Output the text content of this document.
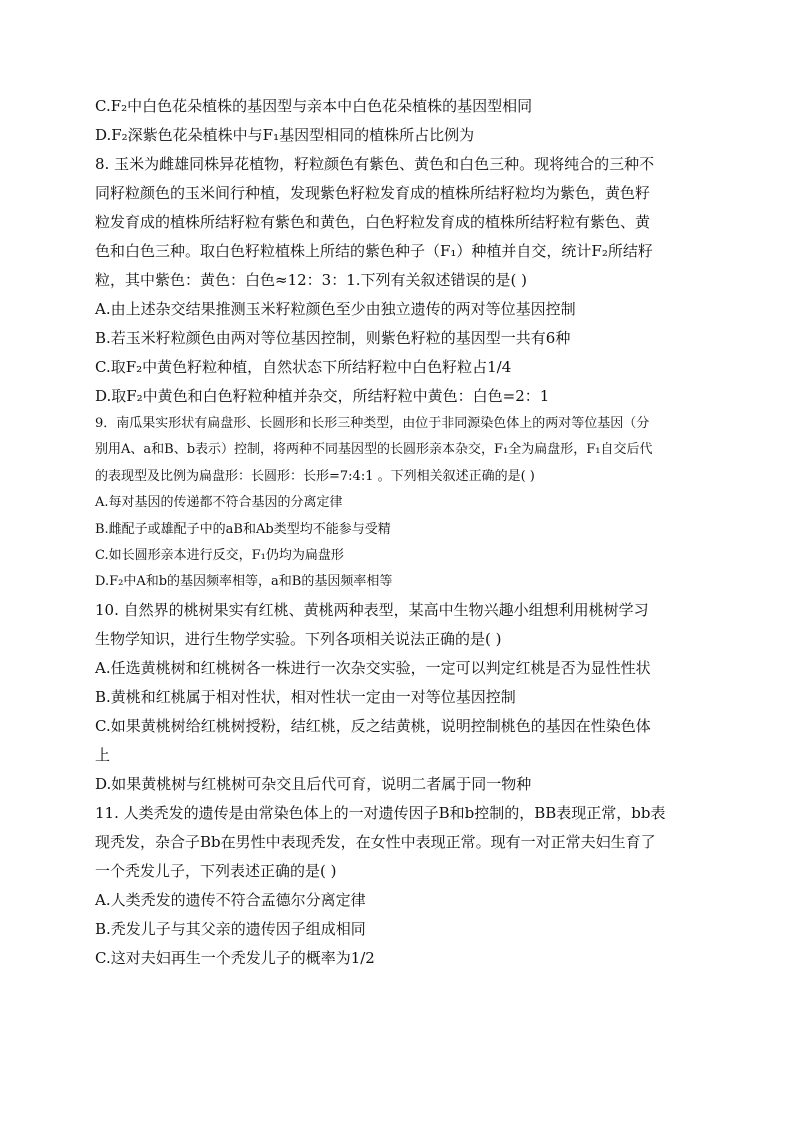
C.F₂中白色花朵植株的基因型与亲本中白色花朵植株的基因型相同
D.F₂深紫色花朵植株中与F₁基因型相同的植株所占比例为
8. 玉米为雌雄同株异花植物，籽粒颜色有紫色、黄色和白色三种。现将纯合的三种不
同籽粒颜色的玉米间行种植，发现紫色籽粒发育成的植株所结籽粒均为紫色，黄色籽
粒发育成的植株所结籽粒有紫色和黄色，白色籽粒发育成的植株所结籽粒有紫色、黄
色和白色三种。取白色籽粒植株上所结的紫色种子（F₁）种植并自交，统计F₂所结籽
粒，其中紫色：黄色：白色≈12：3：1.下列有关叙述错误的是( )
A.由上述杂交结果推测玉米籽粒颜色至少由独立遗传的两对等位基因控制
B.若玉米籽粒颜色由两对等位基因控制，则紫色籽粒的基因型一共有6种
C.取F₂中黄色籽粒种植，自然状态下所结籽粒中白色籽粒占1/4
D.取F₂中黄色和白色籽粒种植并杂交，所结籽粒中黄色：白色=2：1
9．南瓜果实形状有扁盘形、长圆形和长形三种类型，由位于非同源染色体上的两对等位基因（分
别用A、a和B、b表示）控制，将两种不同基因型的长圆形亲本杂交，F₁全为扁盘形，F₁自交后代
的表现型及比例为扁盘形：长圆形：长形=7:4:1 。下列相关叙述正确的是( )
A.每对基因的传递都不符合基因的分离定律
B.雌配子或雄配子中的aB和Ab类型均不能参与受精
C.如长圆形亲本进行反交，F₁仍均为扁盘形
D.F₂中A和b的基因频率相等，a和B的基因频率相等
10. 自然界的桃树果实有红桃、黄桃两种表型，某高中生物兴趣小组想利用桃树学习
生物学知识，进行生物学实验。下列各项相关说法正确的是( )
A.任选黄桃树和红桃树各一株进行一次杂交实验，一定可以判定红桃是否为显性性状
B.黄桃和红桃属于相对性状，相对性状一定由一对等位基因控制
C.如果黄桃树给红桃树授粉，结红桃，反之结黄桃，说明控制桃色的基因在性染色体
上
D.如果黄桃树与红桃树可杂交且后代可育，说明二者属于同一物种
11. 人类秃发的遗传是由常染色体上的一对遗传因子B和b控制的，BB表现正常，bb表
现秃发，杂合子Bb在男性中表现秃发，在女性中表现正常。现有一对正常夫妇生育了
一个秃发儿子，下列表述正确的是( )
A.人类秃发的遗传不符合孟德尔分离定律
B.秃发儿子与其父亲的遗传因子组成相同
C.这对夫妇再生一个秃发儿子的概率为1/2
